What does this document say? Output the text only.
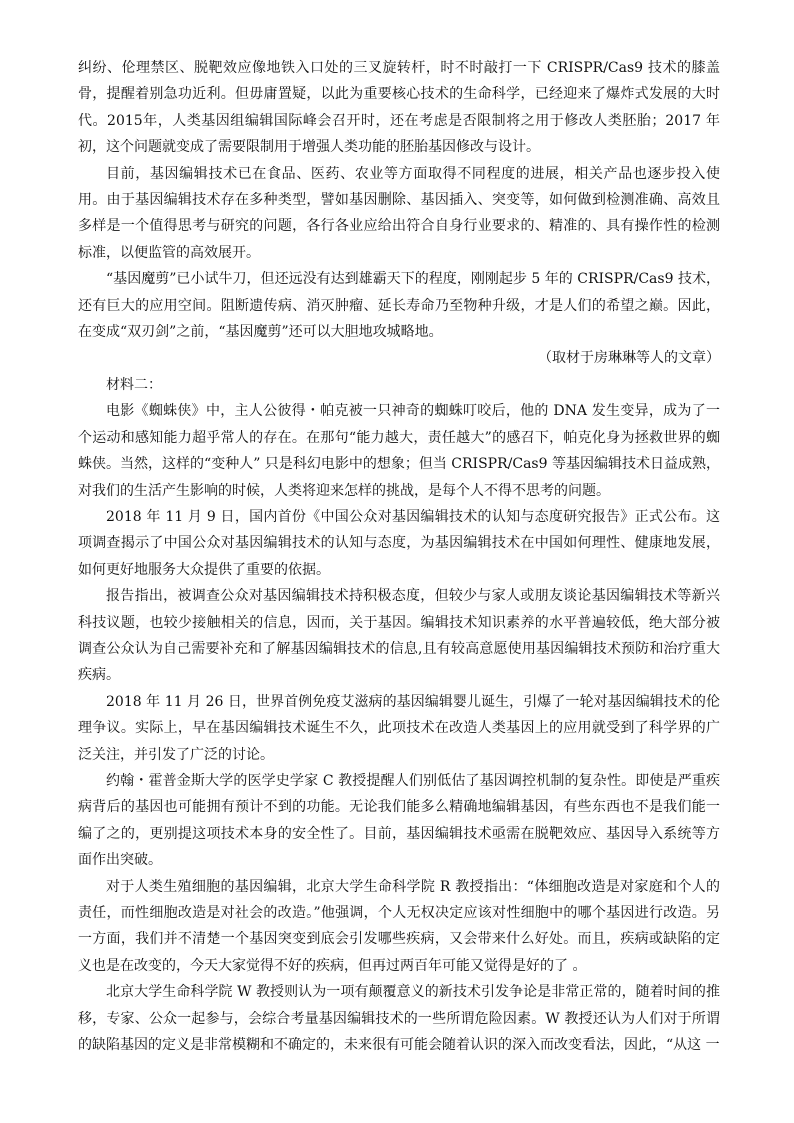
纠纷、伦理禁区、脱靶效应像地铁入口处的三叉旋转杆，时不时敲打一下 CRISPR/Cas9 技术的膝盖骨，提醒着别急功近利。但毋庸置疑，以此为重要核心技术的生命科学，已经迎来了爆炸式发展的大时代。2015年，人类基因组编辑国际峰会召开时，还在考虑是否限制将之用于修改人类胚胎；2017 年初，这个问题就变成了需要限制用于增强人类功能的胚胎基因修改与设计。

目前，基因编辑技术已在食品、医药、农业等方面取得不同程度的进展，相关产品也逐步投入使用。由于基因编辑技术存在多种类型，譬如基因删除、基因插入、突变等，如何做到检测准确、高效且多样是一个值得思考与研究的问题，各行各业应给出符合自身行业要求的、精准的、具有操作性的检测标准，以便监管的高效展开。

“基因魔剪”已小试牛刀，但还远没有达到雄霸天下的程度，刚刚起步 5 年的 CRISPR/Cas9 技术，还有巨大的应用空间。阻断遗传病、消灭肿瘤、延长寿命乃至物种升级，才是人们的希望之巅。因此，在变成“双刃剑”之前，“基因魔剪”还可以大胆地攻城略地。

（取材于房琳琳等人的文章）

材料二：

电影《蜘蛛侠》中，主人公彼得・帕克被一只神奇的蜘蛛叮咬后，他的 DNA 发生变异，成为了一个运动和感知能力超乎常人的存在。在那句“能力越大，责任越大”的感召下，帕克化身为拯救世界的蜘蛛侠。当然，这样的“变种人” 只是科幻电影中的想象；但当 CRISPR/Cas9 等基因编辑技术日益成熟，对我们的生活产生影响的时候，人类将迎来怎样的挑战，是每个人不得不思考的问题。

2018 年 11 月 9 日，国内首份《中国公众对基因编辑技术的认知与态度研究报告》正式公布。这项调查揭示了中国公众对基因编辑技术的认知与态度，为基因编辑技术在中国如何理性、健康地发展，如何更好地服务大众提供了重要的依据。

报告指出，被调查公众对基因编辑技术持积极态度，但较少与家人或朋友谈论基因编辑技术等新兴科技议题，也较少接触相关的信息，因而，关于基因。编辑技术知识素养的水平普遍较低，绝大部分被调查公众认为自己需要补充和了解基因编辑技术的信息,且有较高意愿使用基因编辑技术预防和治疗重大疾病。

2018 年 11 月 26 日，世界首例免疫艾滋病的基因编辑婴儿诞生，引爆了一轮对基因编辑技术的伦理争议。实际上，早在基因编辑技术诞生不久，此项技术在改造人类基因上的应用就受到了科学界的广泛关注，并引发了广泛的讨论。

约翰・霍普金斯大学的医学史学家 C 教授提醒人们别低估了基因调控机制的复杂性。即使是严重疾病背后的基因也可能拥有预计不到的功能。无论我们能多么精确地编辑基因，有些东西也不是我们能一编了之的，更别提这项技术本身的安全性了。目前，基因编辑技术亟需在脱靶效应、基因导入系统等方面作出突破。

对于人类生殖细胞的基因编辑，北京大学生命科学院 R 教授指出：“体细胞改造是对家庭和个人的责任，而性细胞改造是对社会的改造。”他强调，个人无权决定应该对性细胞中的哪个基因进行改造。另一方面，我们并不清楚一个基因突变到底会引发哪些疾病，又会带来什么好处。而且，疾病或缺陷的定义也是在改变的，今天大家觉得不好的疾病，但再过两百年可能又觉得是好的了 。

北京大学生命科学院 W 教授则认为一项有颠覆意义的新技术引发争论是非常正常的，随着时间的推移，专家、公众一起参与，会综合考量基因编辑技术的一些所谓危险因素。W 教授还认为人们对于所谓的缺陷基因的定义是非常模糊和不确定的，未来很有可能会随着认识的深入而改变看法，因此，“从这 一
